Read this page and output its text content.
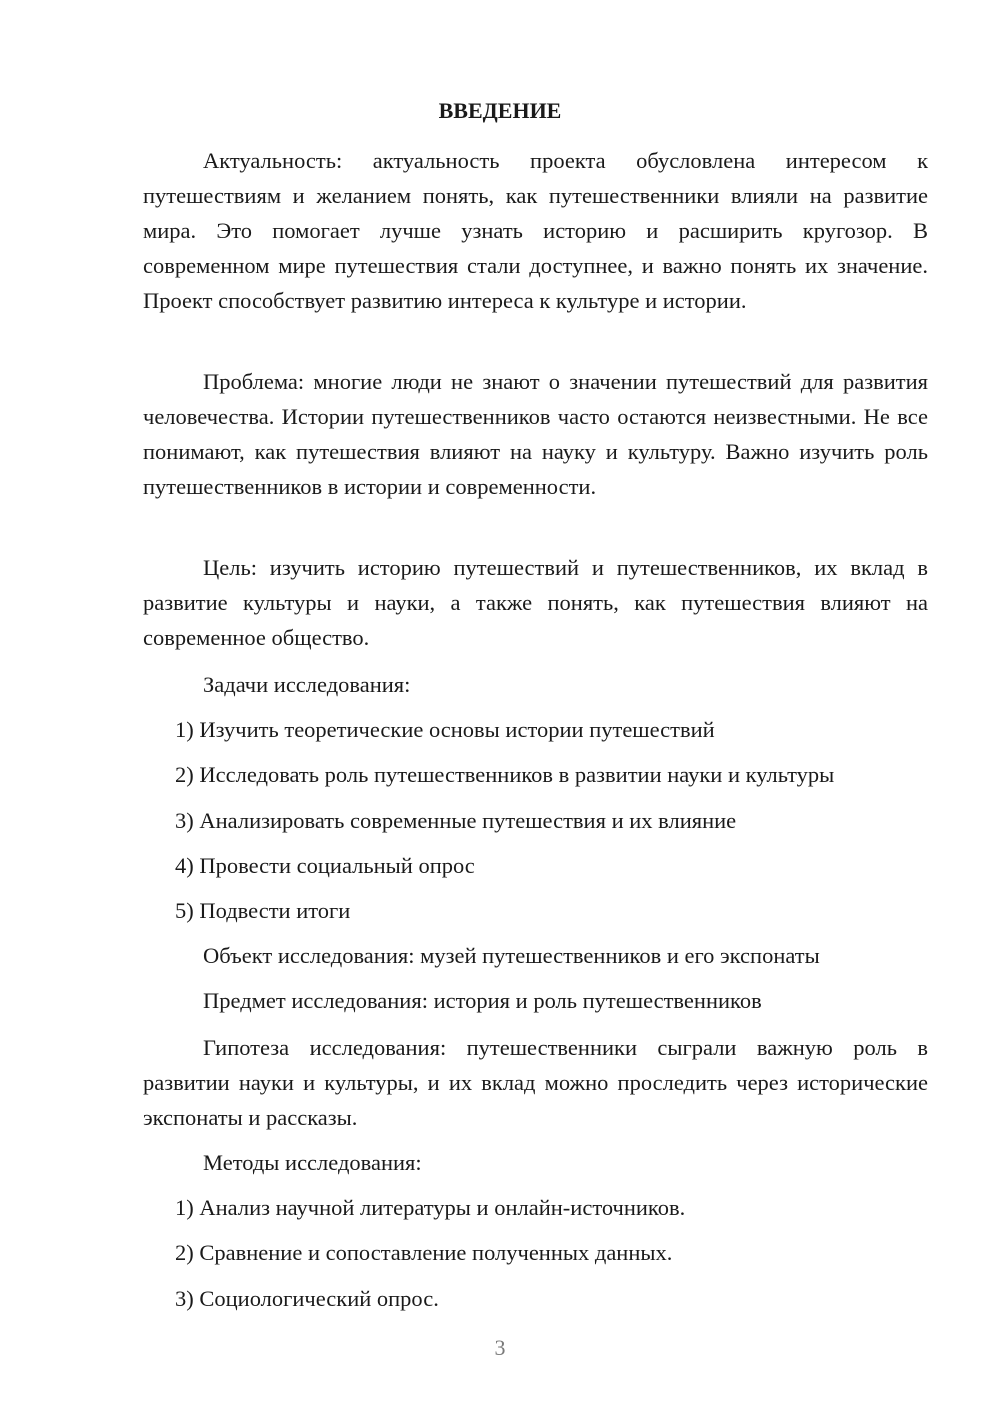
ВВЕДЕНИЕ

Актуальность: актуальность проекта обусловлена интересом к путешествиям и желанием понять, как путешественники влияли на развитие мира. Это помогает лучше узнать историю и расширить кругозор. В современном мире путешествия стали доступнее, и важно понять их значение. Проект способствует развитию интереса к культуре и истории.

Проблема: многие люди не знают о значении путешествий для развития человечества. Истории путешественников часто остаются неизвестными. Не все понимают, как путешествия влияют на науку и культуру. Важно изучить роль путешественников в истории и современности.

Цель: изучить историю путешествий и путешественников, их вклад в развитие культуры и науки, а также понять, как путешествия влияют на современное общество.

Задачи исследования:

1) Изучить теоретические основы истории путешествий

2) Исследовать роль путешественников в развитии науки и культуры

3) Анализировать современные путешествия и их влияние

4) Провести социальный опрос

5) Подвести итоги

Объект исследования: музей путешественников и его экспонаты

Предмет исследования: история и роль путешественников

Гипотеза исследования: путешественники сыграли важную роль в развитии науки и культуры, и их вклад можно проследить через исторические экспонаты и рассказы.

Методы исследования:

1) Анализ научной литературы и онлайн-источников.

2) Сравнение и сопоставление полученных данных.

3) Социологический опрос.

3
